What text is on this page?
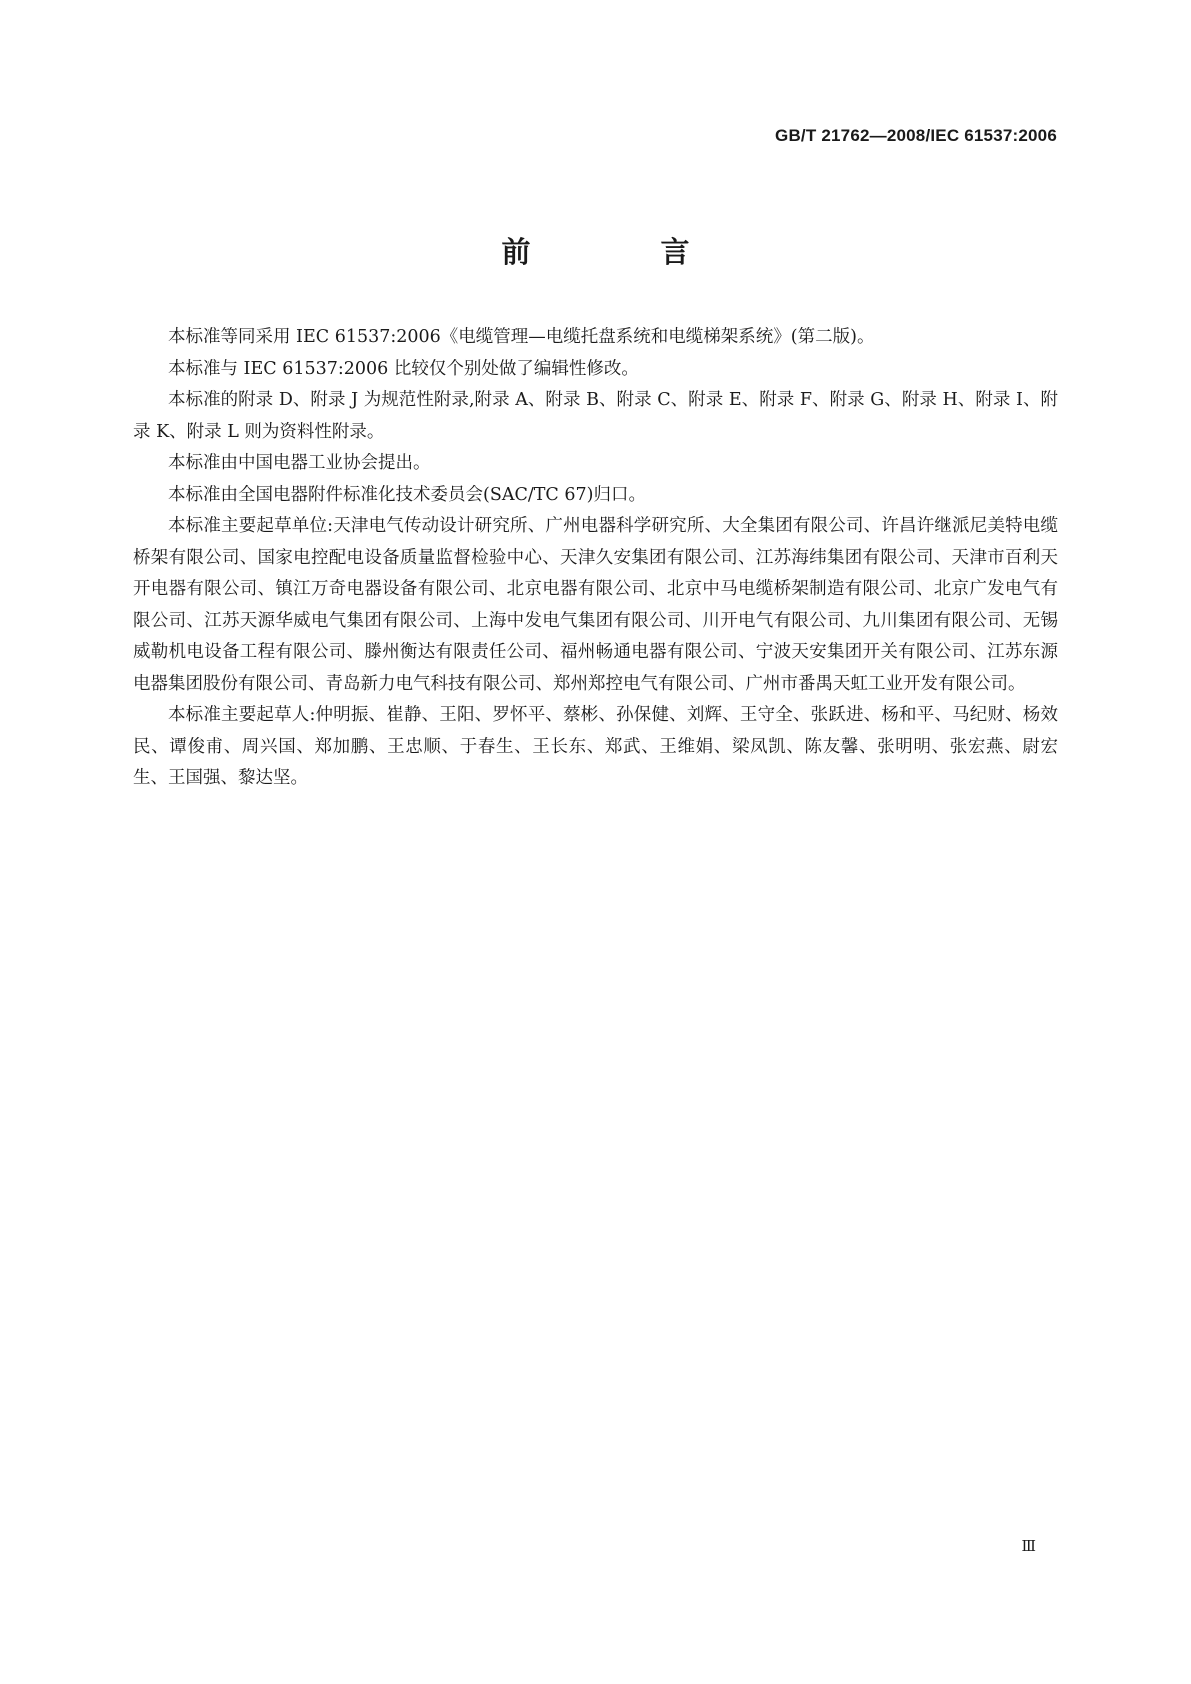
GB/T 21762—2008/IEC 61537:2006
前 言

本标准等同采用 IEC 61537:2006《电缆管理—电缆托盘系统和电缆梯架系统》(第二版)。

本标准与 IEC 61537:2006 比较仅个别处做了编辑性修改。

本标准的附录 D、附录 J 为规范性附录,附录 A、附录 B、附录 C、附录 E、附录 F、附录 G、附录 H、附录 I、附录 K、附录 L 则为资料性附录。

本标准由中国电器工业协会提出。

本标准由全国电器附件标准化技术委员会(SAC/TC 67)归口。

本标准主要起草单位:天津电气传动设计研究所、广州电器科学研究所、大全集团有限公司、许昌许继派尼美特电缆桥架有限公司、国家电控配电设备质量监督检验中心、天津久安集团有限公司、江苏海纬集团有限公司、天津市百利天开电器有限公司、镇江万奇电器设备有限公司、北京电器有限公司、北京中马电缆桥架制造有限公司、北京广发电气有限公司、江苏天源华威电气集团有限公司、上海中发电气集团有限公司、川开电气有限公司、九川集团有限公司、无锡威勒机电设备工程有限公司、滕州衡达有限责任公司、福州畅通电器有限公司、宁波天安集团开关有限公司、江苏东源电器集团股份有限公司、青岛新力电气科技有限公司、郑州郑控电气有限公司、广州市番禺天虹工业开发有限公司。

本标准主要起草人:仲明振、崔静、王阳、罗怀平、蔡彬、孙保健、刘辉、王守全、张跃进、杨和平、马纪财、杨效民、谭俊甫、周兴国、郑加鹏、王忠顺、于春生、王长东、郑武、王维娟、梁凤凯、陈友馨、张明明、张宏燕、尉宏生、王国强、黎达坚。

Ⅲ
